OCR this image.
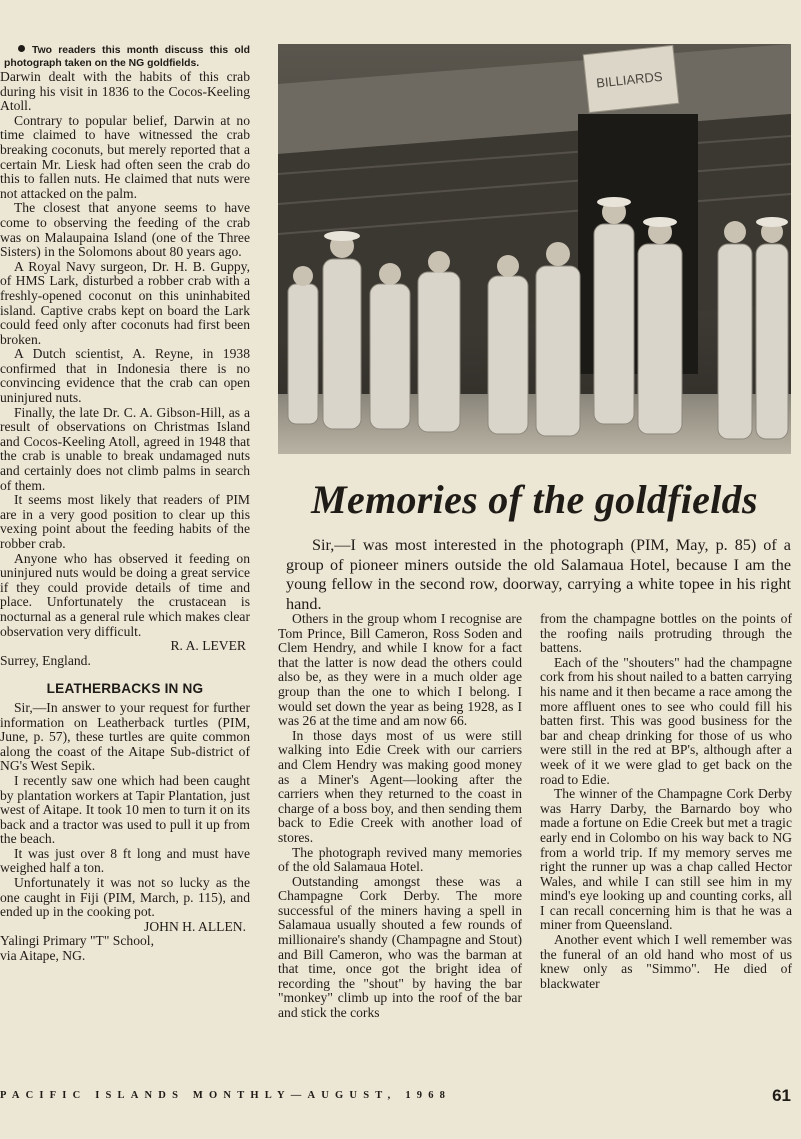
Two readers this month discuss this old photograph taken on the NG goldfields.

Darwin dealt with the habits of this crab during his visit in 1836 to the Cocos-Keeling Atoll.

Contrary to popular belief, Darwin at no time claimed to have witnessed the crab breaking coconuts, but merely reported that a certain Mr. Liesk had often seen the crab do this to fallen nuts. He claimed that nuts were not attacked on the palm.

The closest that anyone seems to have come to observing the feeding of the crab was on Malaupaina Island (one of the Three Sisters) in the Solomons about 80 years ago.

A Royal Navy surgeon, Dr. H. B. Guppy, of HMS Lark, disturbed a robber crab with a freshly-opened coconut on this uninhabited island. Captive crabs kept on board the Lark could feed only after coconuts had first been broken.

A Dutch scientist, A. Reyne, in 1938 confirmed that in Indonesia there is no convincing evidence that the crab can open uninjured nuts.

Finally, the late Dr. C. A. Gibson-Hill, as a result of observations on Christmas Island and Cocos-Keeling Atoll, agreed in 1948 that the crab is unable to break undamaged nuts and certainly does not climb palms in search of them.

It seems most likely that readers of PIM are in a very good position to clear up this vexing point about the feeding habits of the robber crab.

Anyone who has observed it feeding on uninjured nuts would be doing a great service if they could provide details of time and place. Unfortunately the crustacean is nocturnal as a general rule which makes clear observation very difficult.

R. A. LEVER

Surrey, England.

LEATHERBACKS IN NG

Sir,—In answer to your request for further information on Leatherback turtles (PIM, June, p. 57), these turtles are quite common along the coast of the Aitape Sub-district of NG's West Sepik.

I recently saw one which had been caught by plantation workers at Tapir Plantation, just west of Aitape. It took 10 men to turn it on its back and a tractor was used to pull it up from the beach.

It was just over 8 ft long and must have weighed half a ton.

Unfortunately it was not so lucky as the one caught in Fiji (PIM, March, p. 115), and ended up in the cooking pot.

JOHN H. ALLEN.

Yalingi Primary "T" School,

via Aitape, NG.

BILLIARDS
Memories of the goldfields

Sir,—I was most interested in the photograph (PIM, May, p. 85) of a group of pioneer miners outside the old Salamaua Hotel, because I am the young fellow in the second row, doorway, carrying a white topee in his right hand.

Others in the group whom I recognise are Tom Prince, Bill Cameron, Ross Soden and Clem Hendry, and while I know for a fact that the latter is now dead the others could also be, as they were in a much older age group than the one to which I belong. I would set down the year as being 1928, as I was 26 at the time and am now 66.

In those days most of us were still walking into Edie Creek with our carriers and Clem Hendry was making good money as a Miner's Agent—looking after the carriers when they returned to the coast in charge of a boss boy, and then sending them back to Edie Creek with another load of stores.

The photograph revived many memories of the old Salamaua Hotel.

Outstanding amongst these was a Champagne Cork Derby. The more successful of the miners having a spell in Salamaua usually shouted a few rounds of millionaire's shandy (Champagne and Stout) and Bill Cameron, who was the barman at that time, once got the bright idea of recording the "shout" by having the bar "monkey" climb up into the roof of the bar and stick the corks

from the champagne bottles on the points of the roofing nails protruding through the battens.

Each of the "shouters" had the champagne cork from his shout nailed to a batten carrying his name and it then became a race among the more affluent ones to see who could fill his batten first. This was good business for the bar and cheap drinking for those of us who were still in the red at BP's, although after a week of it we were glad to get back on the road to Edie.

The winner of the Champagne Cork Derby was Harry Darby, the Barnardo boy who made a fortune on Edie Creek but met a tragic early end in Colombo on his way back to NG from a world trip. If my memory serves me right the runner up was a chap called Hector Wales, and while I can still see him in my mind's eye looking up and counting corks, all I can recall concerning him is that he was a miner from Queensland.

Another event which I well remember was the funeral of an old hand who most of us knew only as "Simmo". He died of blackwater

PACIFIC ISLANDS MONTHLY—AUGUST, 1968	61
